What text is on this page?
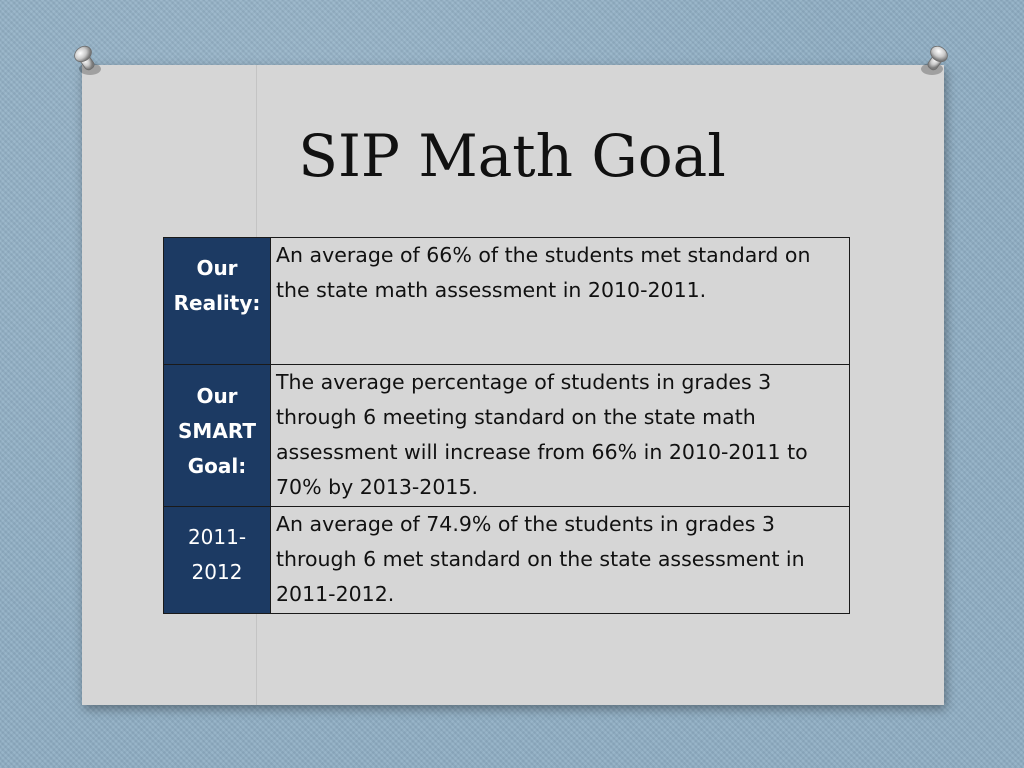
SIP Math Goal
Our
Reality:	An average of 66% of the students met standard on the state math assessment in 2010-2011.

Our
SMART
Goal:	The average percentage of students in grades 3 through 6 meeting standard on the state math assessment will increase from 66% in 2010-2011 to 70% by 2013-2015.

2011-
2012	An average of 74.9% of the students in grades 3 through 6 met standard on the state assessment in 2011-2012.
